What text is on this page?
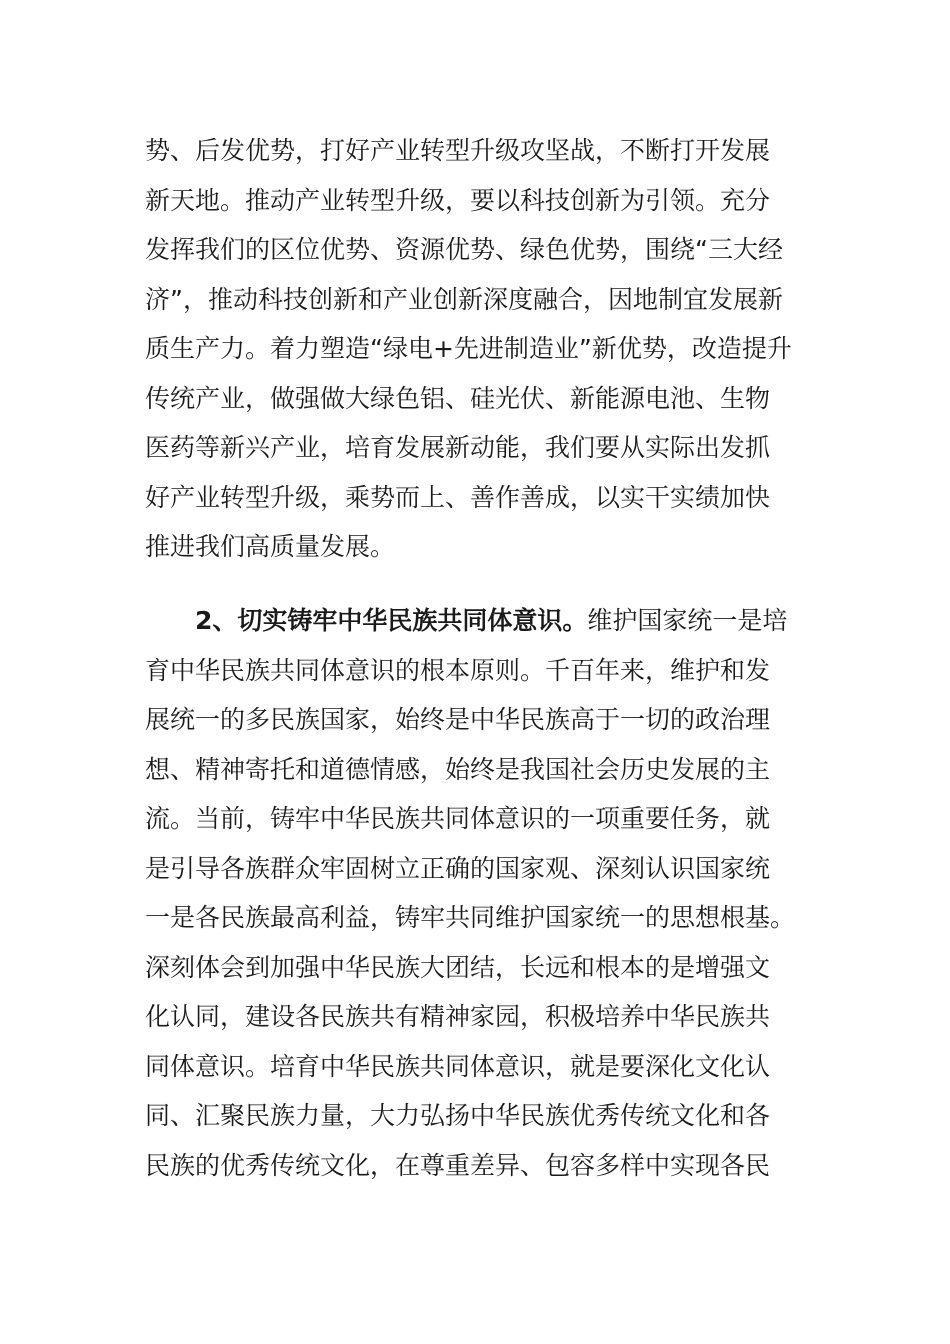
势、后发优势，打好产业转型升级攻坚战，不断打开发展
新天地。推动产业转型升级，要以科技创新为引领。充分
发挥我们的区位优势、资源优势、绿色优势，围绕“三大经
济”，推动科技创新和产业创新深度融合，因地制宜发展新
质生产力。着力塑造“绿电+先进制造业”新优势，改造提升
传统产业，做强做大绿色铝、硅光伏、新能源电池、生物
医药等新兴产业，培育发展新动能，我们要从实际出发抓
好产业转型升级，乘势而上、善作善成，以实干实绩加快
推进我们高质量发展。
2、切实铸牢中华民族共同体意识。维护国家统一是培
育中华民族共同体意识的根本原则。千百年来，维护和发
展统一的多民族国家，始终是中华民族高于一切的政治理
想、精神寄托和道德情感，始终是我国社会历史发展的主
流。当前，铸牢中华民族共同体意识的一项重要任务，就
是引导各族群众牢固树立正确的国家观、深刻认识国家统
一是各民族最高利益，铸牢共同维护国家统一的思想根基。
深刻体会到加强中华民族大团结，长远和根本的是增强文
化认同，建设各民族共有精神家园，积极培养中华民族共
同体意识。培育中华民族共同体意识，就是要深化文化认
同、汇聚民族力量，大力弘扬中华民族优秀传统文化和各
民族的优秀传统文化，在尊重差异、包容多样中实现各民
